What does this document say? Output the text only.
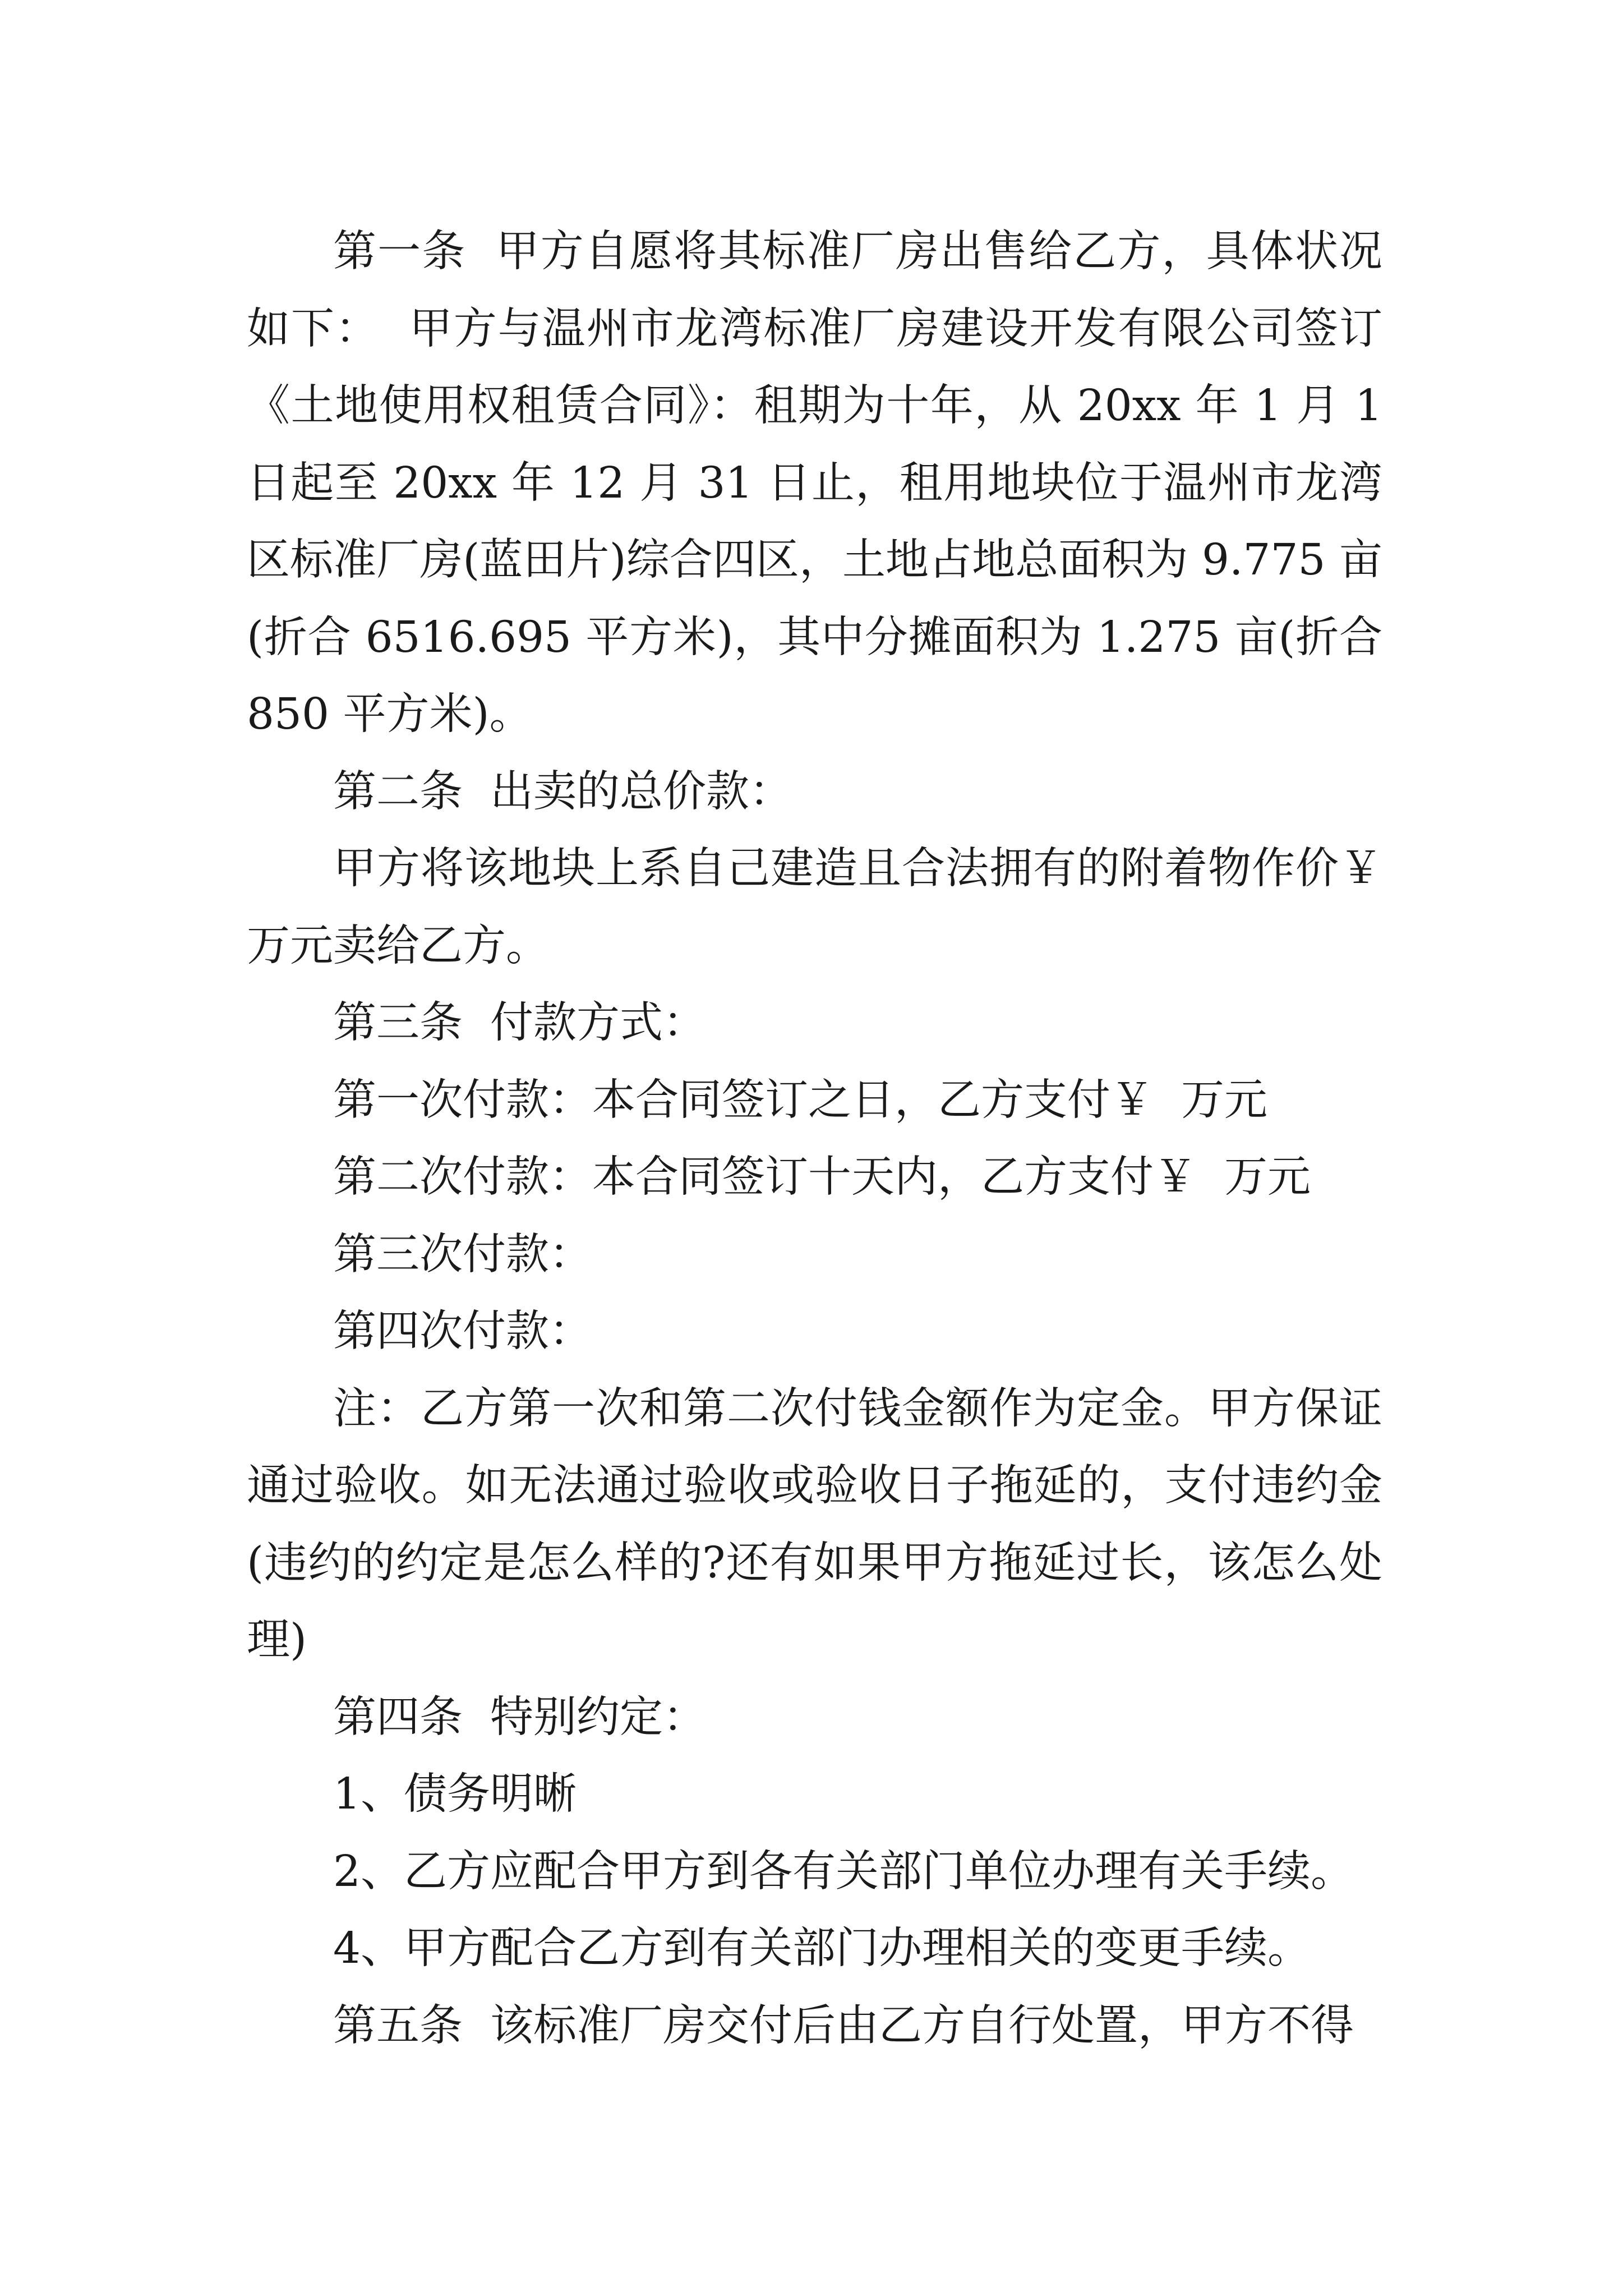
第一条  甲方自愿将其标准厂房出售给乙方，具体状况如下：  甲方与温州市龙湾标准厂房建设开发有限公司签订《土地使用权租赁合同》：租期为十年，从 20xx 年 1 月 1 日起至 20xx 年 12 月 31 日止，租用地块位于温州市龙湾区标准厂房(蓝田片)综合四区，土地占地总面积为 9.775 亩(折合 6516.695 平方米)，其中分摊面积为 1.275 亩(折合 850 平方米)。

第二条  出卖的总价款：

甲方将该地块上系自己建造且合法拥有的附着物作价￥  万元卖给乙方。

第三条  付款方式：

第一次付款：本合同签订之日，乙方支付￥  万元

第二次付款：本合同签订十天内，乙方支付￥  万元

第三次付款：

第四次付款：

注：乙方第一次和第二次付钱金额作为定金。甲方保证通过验收。如无法通过验收或验收日子拖延的，支付违约金(违约的约定是怎么样的?还有如果甲方拖延过长，该怎么处理)

第四条  特别约定：

1、债务明晰

2、乙方应配合甲方到各有关部门单位办理有关手续。

4、甲方配合乙方到有关部门办理相关的变更手续。

第五条  该标准厂房交付后由乙方自行处置，甲方不得
